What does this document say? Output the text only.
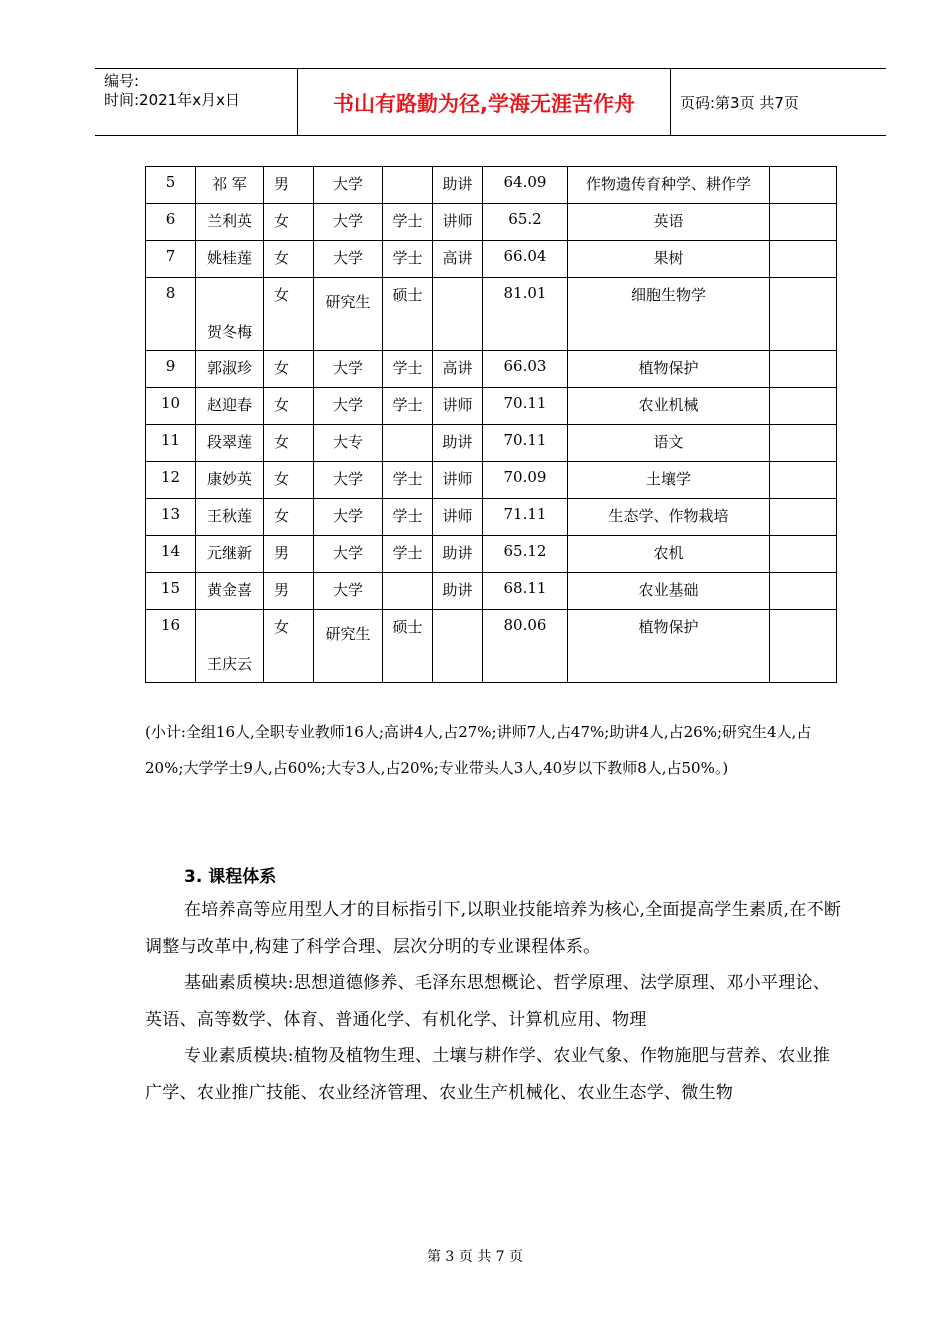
编号:
时间:2021年x月x日	书山有路勤为径,学海无涯苦作舟	页码:第3页 共7页
5	祁 军	男	大学		助讲	64.09	作物遗传育种学、耕作学	
6	兰利英	女	大学	学士	讲师	65.2	英语	
7	姚桂莲	女	大学	学士	高讲	66.04	果树	
8	贺冬梅	女	研究生	硕士		81.01	细胞生物学	
9	郭淑珍	女	大学	学士	高讲	66.03	植物保护	
10	赵迎春	女	大学	学士	讲师	70.11	农业机械	
11	段翠莲	女	大专		助讲	70.11	语文	
12	康妙英	女	大学	学士	讲师	70.09	土壤学	
13	王秋莲	女	大学	学士	讲师	71.11	生态学、作物栽培	
14	元继新	男	大学	学士	助讲	65.12	农机	
15	黄金喜	男	大学		助讲	68.11	农业基础	
16	王庆云	女	研究生	硕士		80.06	植物保护	
(小计:全组16人,全职专业教师16人;高讲4人,占27%;讲师7人,占47%;助讲4人,占26%;研究生4人,占20%;大学学士9人,占60%;大专3人,占20%;专业带头人3人,40岁以下教师8人,占50%。)
3. 课程体系
在培养高等应用型人才的目标指引下,以职业技能培养为核心,全面提高学生素质,在不断调整与改革中,构建了科学合理、层次分明的专业课程体系。
基础素质模块:思想道德修养、毛泽东思想概论、哲学原理、法学原理、邓小平理论、英语、高等数学、体育、普通化学、有机化学、计算机应用、物理
专业素质模块:植物及植物生理、土壤与耕作学、农业气象、作物施肥与营养、农业推广学、农业推广技能、农业经济管理、农业生产机械化、农业生态学、微生物
第 3 页 共 7 页
